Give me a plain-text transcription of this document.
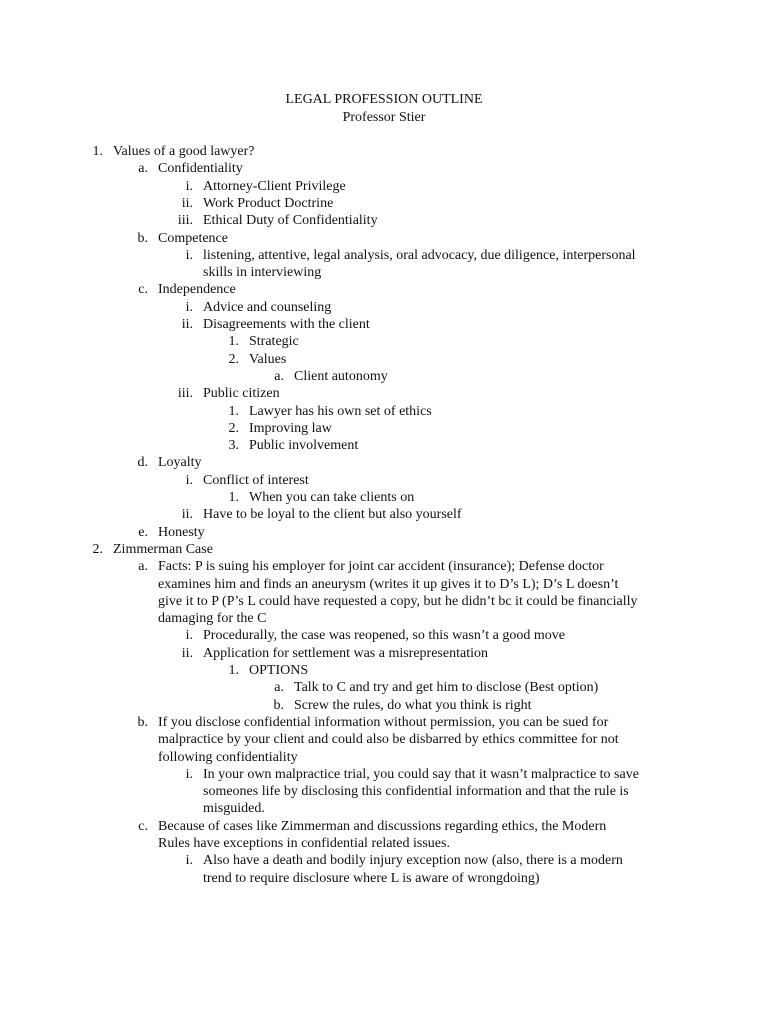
LEGAL PROFESSION OUTLINE
Professor Stier
1. Values of a good lawyer?
a. Confidentiality
i. Attorney-Client Privilege
ii. Work Product Doctrine
iii. Ethical Duty of Confidentiality
b. Competence
i. listening, attentive, legal analysis, oral advocacy, due diligence, interpersonal
skills in interviewing
c. Independence
i. Advice and counseling
ii. Disagreements with the client
1. Strategic
2. Values
a. Client autonomy
iii. Public citizen
1. Lawyer has his own set of ethics
2. Improving law
3. Public involvement
d. Loyalty
i. Conflict of interest
1. When you can take clients on
ii. Have to be loyal to the client but also yourself
e. Honesty
2. Zimmerman Case
a. Facts: P is suing his employer for joint car accident (insurance); Defense doctor
examines him and finds an aneurysm (writes it up gives it to D’s L); D’s L doesn’t
give it to P (P’s L could have requested a copy, but he didn’t bc it could be financially
damaging for the C
i. Procedurally, the case was reopened, so this wasn’t a good move
ii. Application for settlement was a misrepresentation
1. OPTIONS
a. Talk to C and try and get him to disclose (Best option)
b. Screw the rules, do what you think is right
b. If you disclose confidential information without permission, you can be sued for
malpractice by your client and could also be disbarred by ethics committee for not
following confidentiality
i. In your own malpractice trial, you could say that it wasn’t malpractice to save
someones life by disclosing this confidential information and that the rule is
misguided.
c. Because of cases like Zimmerman and discussions regarding ethics, the Modern
Rules have exceptions in confidential related issues.
i. Also have a death and bodily injury exception now (also, there is a modern
trend to require disclosure where L is aware of wrongdoing)
